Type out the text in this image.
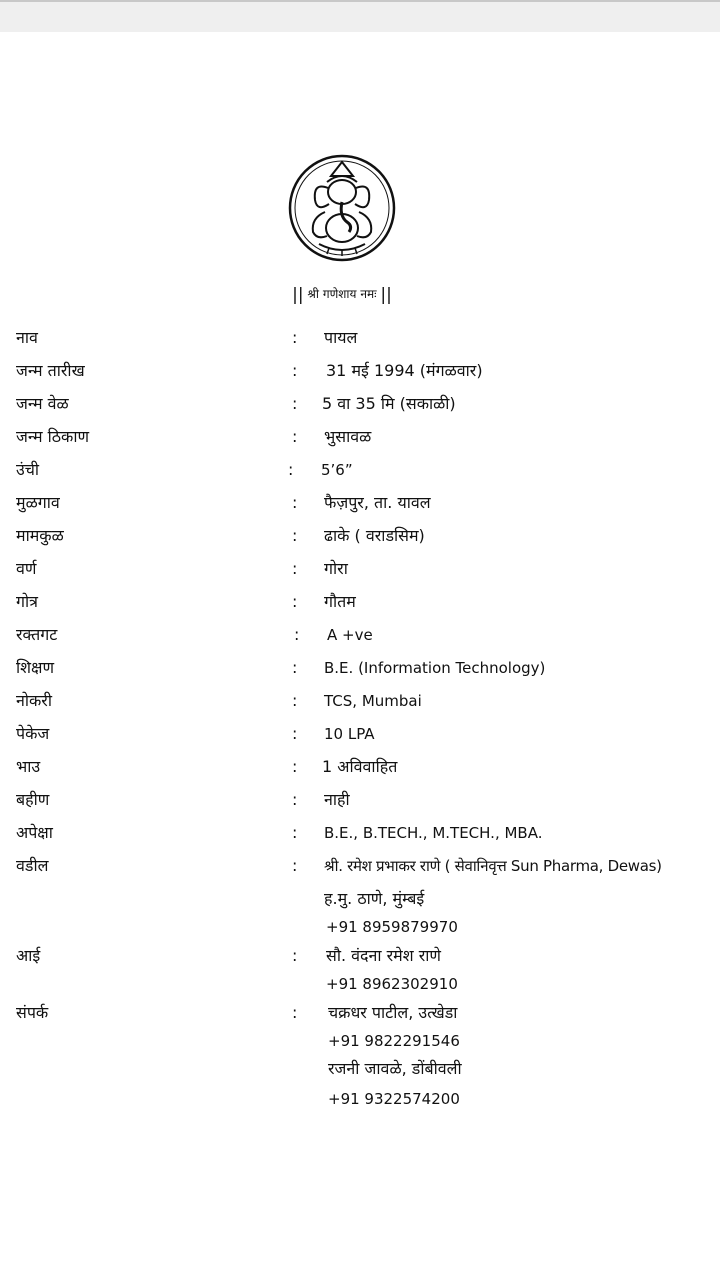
|| श्री गणेशाय नमः ||
नाव	: पायल
जन्म तारीख	: 31 मई 1994 (मंगळवार)
जन्म वेळ	: 5 वा 35 मि (सकाळी)
जन्म ठिकाण	: भुसावळ
उंची	: 5’6”
मुळगाव	: फैज़पुर, ता. यावल
मामकुळ	: ढाके ( वराडसिम)
वर्ण	: गोरा
गोत्र	: गौतम
रक्तगट	: A +ve
शिक्षण	: B.E. (Information Technology)
नोकरी	: TCS, Mumbai
पेकेज	: 10 LPA
भाउ	: 1 अविवाहित
बहीण	: नाही
अपेक्षा	: B.E., B.TECH., M.TECH., MBA.
वडील	: श्री. रमेश प्रभाकर राणे ( सेवानिवृत्त Sun Pharma, Dewas)
ह.मु. ठाणे, मुंम्बई
+91 8959879970
आई	: सौ. वंदना रमेश राणे
+91 8962302910
संपर्क	: चक्रधर पाटील, उत्खेडा
+91 9822291546
रजनी जावळे, डोंबीवली
+91 9322574200
